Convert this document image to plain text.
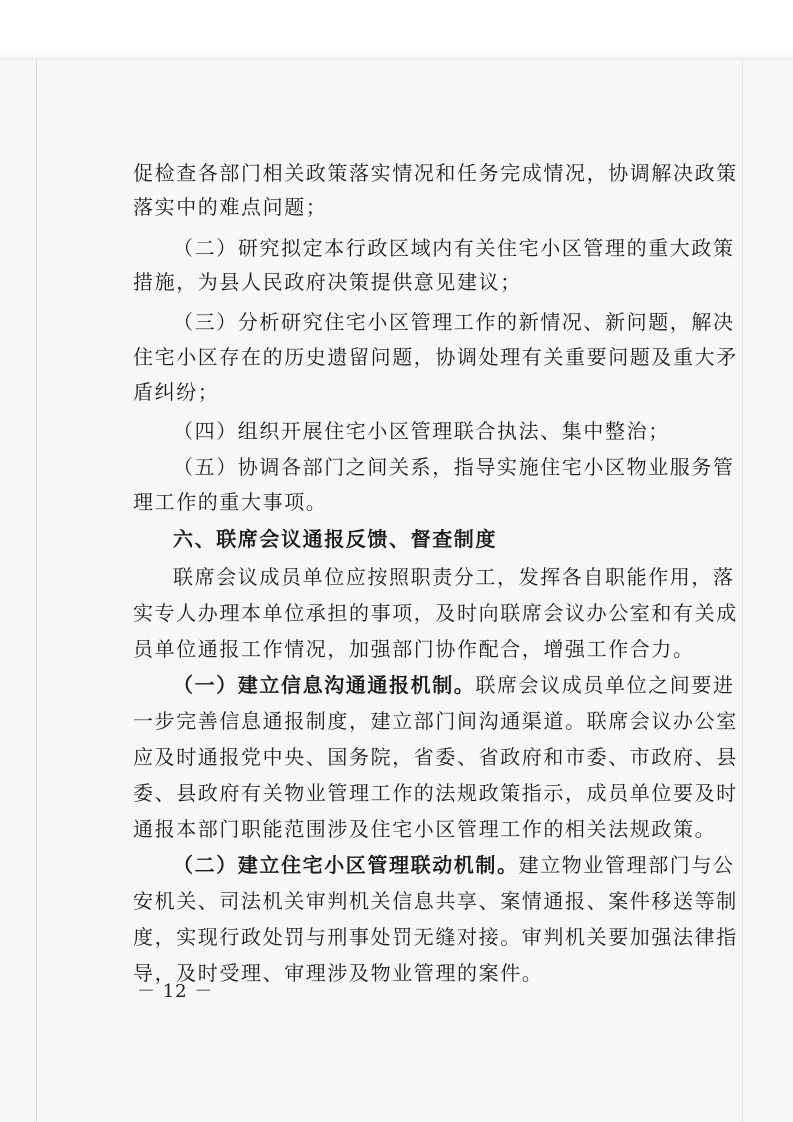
促检查各部门相关政策落实情况和任务完成情况，协调解决政策
落实中的难点问题；
（二）研究拟定本行政区域内有关住宅小区管理的重大政策
措施，为县人民政府决策提供意见建议；
（三）分析研究住宅小区管理工作的新情况、新问题，解决
住宅小区存在的历史遗留问题，协调处理有关重要问题及重大矛
盾纠纷；
（四）组织开展住宅小区管理联合执法、集中整治；
（五）协调各部门之间关系，指导实施住宅小区物业服务管
理工作的重大事项。
六、联席会议通报反馈、督查制度
联席会议成员单位应按照职责分工，发挥各自职能作用，落
实专人办理本单位承担的事项，及时向联席会议办公室和有关成
员单位通报工作情况，加强部门协作配合，增强工作合力。
（一）建立信息沟通通报机制。联席会议成员单位之间要进
一步完善信息通报制度，建立部门间沟通渠道。联席会议办公室
应及时通报党中央、国务院，省委、省政府和市委、市政府、县
委、县政府有关物业管理工作的法规政策指示，成员单位要及时
通报本部门职能范围涉及住宅小区管理工作的相关法规政策。
（二）建立住宅小区管理联动机制。建立物业管理部门与公
安机关、司法机关审判机关信息共享、案情通报、案件移送等制
度，实现行政处罚与刑事处罚无缝对接。审判机关要加强法律指
导，及时受理、审理涉及物业管理的案件。
－ 12 －
